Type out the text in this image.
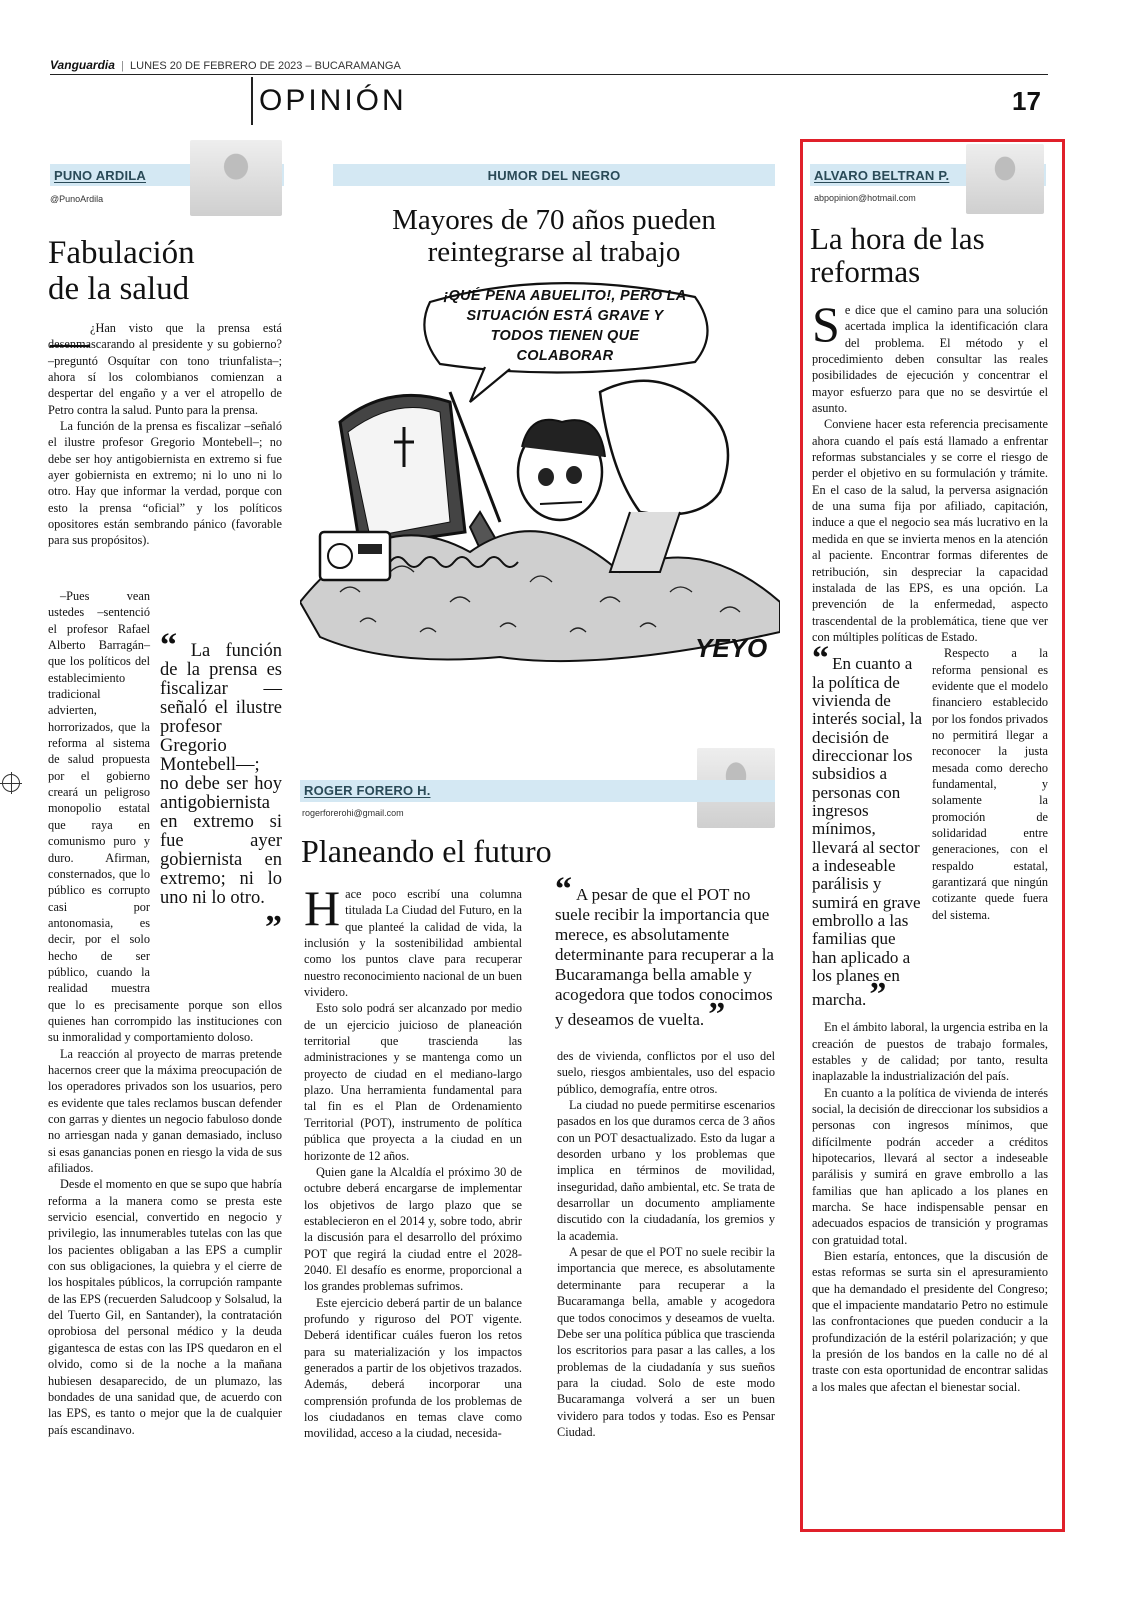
Vanguardia  |  LUNES 20 DE FEBRERO DE 2023 – BUCARAMANGA
OPINIÓN	17
PUNO ARDILA
@PunoArdila
Fabulación de la salud

¿Han visto que la prensa está desenmascarando al presidente y su gobierno? –preguntó Osquítar con tono triunfalista–; ahora sí los colombianos comienzan a despertar del engaño y a ver el atropello de Petro contra la salud. Punto para la prensa.

La función de la prensa es fiscalizar –señaló el ilustre profesor Gregorio Montebell–; no debe ser hoy antigobiernista en extremo si fue ayer gobiernista en extremo; ni lo uno ni lo otro. Hay que informar la verdad, porque con esto la prensa “oficial” y los políticos opositores están sembrando pánico (favorable para sus propósitos).

“ La función de la prensa es fiscalizar —señaló el ilustre profesor Gregorio Montebell—; no debe ser hoy antigobiernista en extremo si fue ayer gobiernista en extremo; ni lo uno ni lo otro.
”

–Pues vean ustedes –sentenció el profesor Rafael Alberto Barragán– que los políticos del establecimiento tradicional advierten, horrorizados, que la reforma al sistema de salud propuesta por el gobierno creará un peligroso monopolio estatal que raya en comunismo puro y duro. Afirman, consternados, que lo público es corrupto casi por antonomasia, es decir, por el solo hecho de ser público, cuando la realidad muestra que lo es precisamente porque son ellos quienes han corrompido las instituciones con su inmoralidad y comportamiento doloso.

La reacción al proyecto de marras pretende hacernos creer que la máxima preocupación de los operadores privados son los usuarios, pero es evidente que tales reclamos buscan defender con garras y dientes un negocio fabuloso donde no arriesgan nada y ganan demasiado, incluso si esas ganancias ponen en riesgo la vida de sus afiliados.

Desde el momento en que se supo que habría reforma a la manera como se presta este servicio esencial, convertido en negocio y privilegio, las innumerables tutelas con las que los pacientes obligaban a las EPS a cumplir con sus obligaciones, la quiebra y el cierre de los hospitales públicos, la corrupción rampante de las EPS (recuerden Saludcoop y Solsalud, la del Tuerto Gil, en Santander), la contratación oprobiosa del personal médico y la deuda gigantesca de estas con las IPS quedaron en el olvido, como si de la noche a la mañana hubiesen desaparecido, de un plumazo, las bondades de una sanidad que, de acuerdo con las EPS, es tanto o mejor que la de cualquier país escandinavo.

HUMOR DEL NEGRO
Mayores de 70 años pueden reintegrarse al trabajo
YEYO
¡QUÉ PENA ABUELITO!, PERO LA SITUACIÓN ESTÁ GRAVE Y TODOS TIENEN QUE COLABORAR
ROGER FORERO H.
rogerforerohi@gmail.com
Planeando el futuro

Hace poco escribí una columna titulada La Ciudad del Futuro, en la que planteé la calidad de vida, la inclusión y la sostenibilidad ambiental como los puntos clave para recuperar nuestro reconocimiento nacional de un buen vividero.

Esto solo podrá ser alcanzado por medio de un ejercicio juicioso de planeación territorial que trascienda las administraciones y se mantenga como un proyecto de ciudad en el mediano-largo plazo. Una herramienta fundamental para tal fin es el Plan de Ordenamiento Territorial (POT), instrumento de política pública que proyecta a la ciudad en un horizonte de 12 años.

Quien gane la Alcaldía el próximo 30 de octubre deberá encargarse de implementar los objetivos de largo plazo que se establecieron en el 2014 y, sobre todo, abrir la discusión para el desarrollo del próximo POT que regirá la ciudad entre el 2028-2040. El desafío es enorme, proporcional a los grandes problemas sufrimos.

Este ejercicio deberá partir de un balance profundo y riguroso del POT vigente. Deberá identificar cuáles fueron los retos para su materialización y los impactos generados a partir de los objetivos trazados. Además, deberá incorporar una comprensión profunda de los problemas de los ciudadanos en temas clave como movilidad, acceso a la ciudad, necesida-

“ A pesar de que el POT no suele recibir la importancia que merece, es absolutamente determinante para recuperar a la Bucaramanga bella amable y acogedora que todos conocimos y deseamos de vuelta. ”

des de vivienda, conflictos por el uso del suelo, riesgos ambientales, uso del espacio público, demografía, entre otros.

La ciudad no puede permitirse escenarios pasados en los que duramos cerca de 3 años con un POT desactualizado. Esto da lugar a desorden urbano y los problemas que implica en términos de movilidad, inseguridad, daño ambiental, etc. Se trata de desarrollar un documento ampliamente discutido con la ciudadanía, los gremios y la academia.

A pesar de que el POT no suele recibir la importancia que merece, es absolutamente determinante para recuperar a la Bucaramanga bella, amable y acogedora que todos conocimos y deseamos de vuelta. Debe ser una política pública que trascienda los escritorios para pasar a las calles, a los problemas de la ciudadanía y sus sueños para la ciudad. Solo de este modo Bucaramanga volverá a ser un buen vividero para todos y todas. Eso es Pensar Ciudad.

ALVARO BELTRAN P.
abpopinion@hotmail.com
La hora de las reformas

Se dice que el camino para una solución acertada implica la identificación clara del problema. El método y el procedimiento deben consultar las reales posibilidades de ejecución y concentrar el mayor esfuerzo para que no se desvirtúe el asunto.

Conviene hacer esta referencia precisamente ahora cuando el país está llamado a enfrentar reformas substanciales y se corre el riesgo de perder el objetivo en su formulación y trámite. En el caso de la salud, la perversa asignación de una suma fija por afiliado, capitación, induce a que el negocio sea más lucrativo en la medida en que se invierta menos en la atención al paciente. Encontrar formas diferentes de retribución, sin despreciar la capacidad instalada de las EPS, es una opción. La prevención de la enfermedad, aspecto trascendental de la problemática, tiene que ver con múltiples políticas de Estado.

“ En cuanto a la política de vivienda de interés social, la decisión de direccionar los subsidios a personas con ingresos mínimos, llevará al sector a indeseable parálisis y sumirá en grave embrollo a las familias que han aplicado a los planes en marcha. ”

Respecto a la reforma pensional es evidente que el modelo financiero establecido por los fondos privados no permitirá llegar a reconocer la justa mesada como derecho fundamental, y solamente la promoción de solidaridad entre generaciones, con el respaldo estatal, garantizará que ningún cotizante quede fuera del sistema.

En el ámbito laboral, la urgencia estriba en la creación de puestos de trabajo formales, estables y de calidad; por tanto, resulta inaplazable la industrialización del país.

En cuanto a la política de vivienda de interés social, la decisión de direccionar los subsidios a personas con ingresos mínimos, que difícilmente podrán acceder a créditos hipotecarios, llevará al sector a indeseable parálisis y sumirá en grave embrollo a las familias que han aplicado a los planes en marcha. Se hace indispensable pensar en adecuados espacios de transición y programas con gratuidad total.

Bien estaría, entonces, que la discusión de estas reformas se surta sin el apresuramiento que ha demandado el presidente del Congreso; que el impaciente mandatario Petro no estimule las confrontaciones que pueden conducir a la profundización de la estéril polarización; y que la presión de los bandos en la calle no dé al traste con esta oportunidad de encontrar salidas a los males que afectan el bienestar social.
